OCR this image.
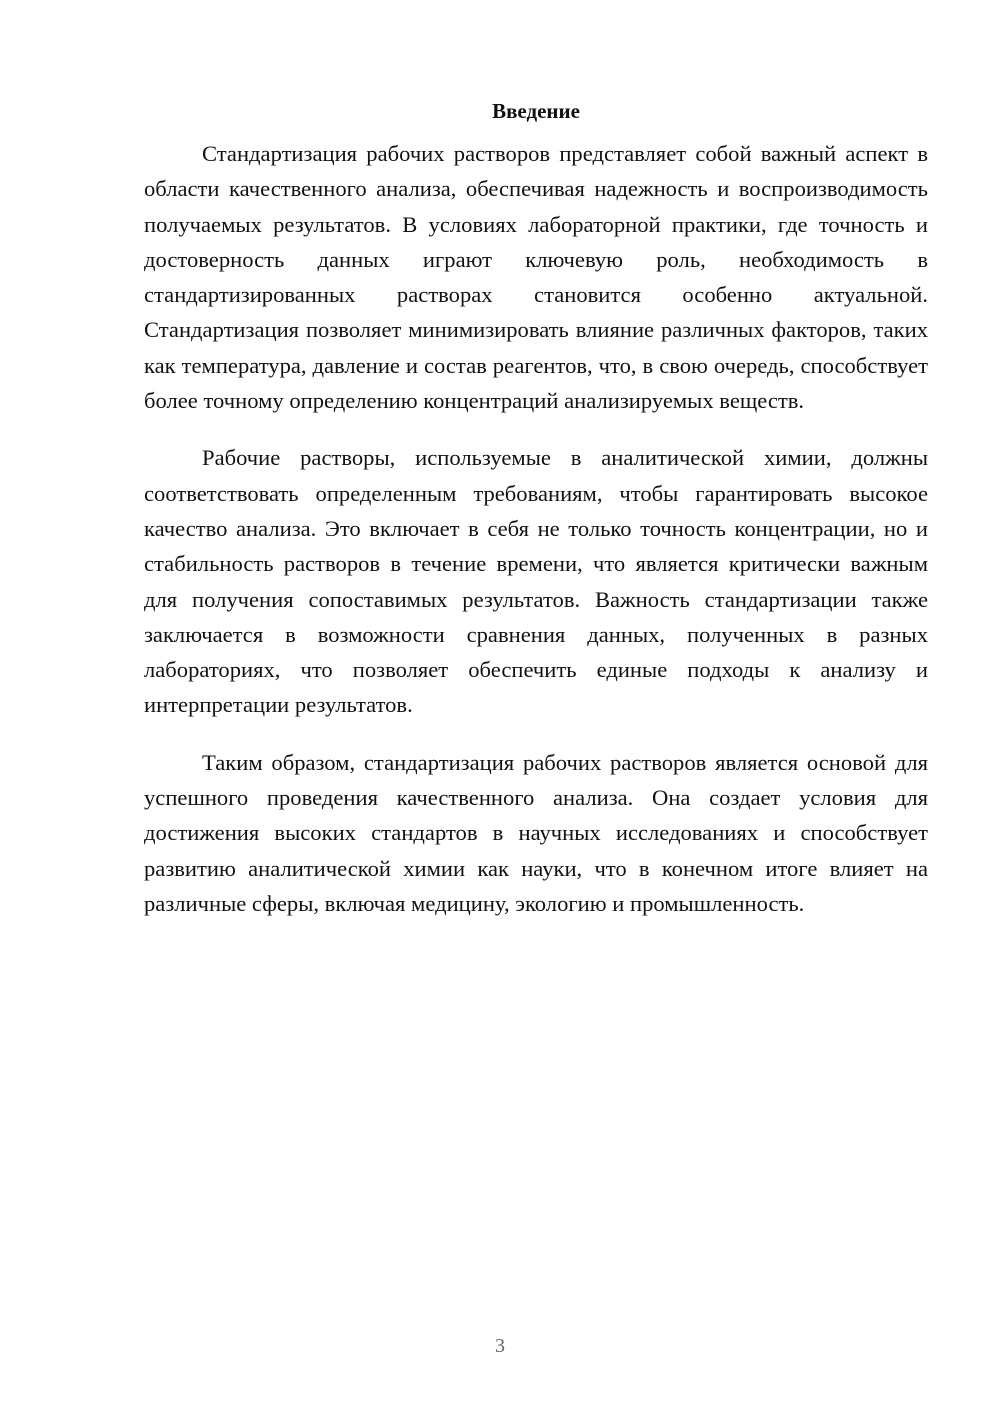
Введение

Стандартизация рабочих растворов представляет собой важный аспект в области качественного анализа, обеспечивая надежность и воспроизводимость получаемых результатов. В условиях лабораторной практики, где точность и достоверность данных играют ключевую роль, необходимость в стандартизированных растворах становится особенно актуальной. Стандартизация позволяет минимизировать влияние различных факторов, таких как температура, давление и состав реагентов, что, в свою очередь, способствует более точному определению концентраций анализируемых веществ.

Рабочие растворы, используемые в аналитической химии, должны соответствовать определенным требованиям, чтобы гарантировать высокое качество анализа. Это включает в себя не только точность концентрации, но и стабильность растворов в течение времени, что является критически важным для получения сопоставимых результатов. Важность стандартизации также заключается в возможности сравнения данных, полученных в разных лабораториях, что позволяет обеспечить единые подходы к анализу и интерпретации результатов.

Таким образом, стандартизация рабочих растворов является основой для успешного проведения качественного анализа. Она создает условия для достижения высоких стандартов в научных исследованиях и способствует развитию аналитической химии как науки, что в конечном итоге влияет на различные сферы, включая медицину, экологию и промышленность.

3
